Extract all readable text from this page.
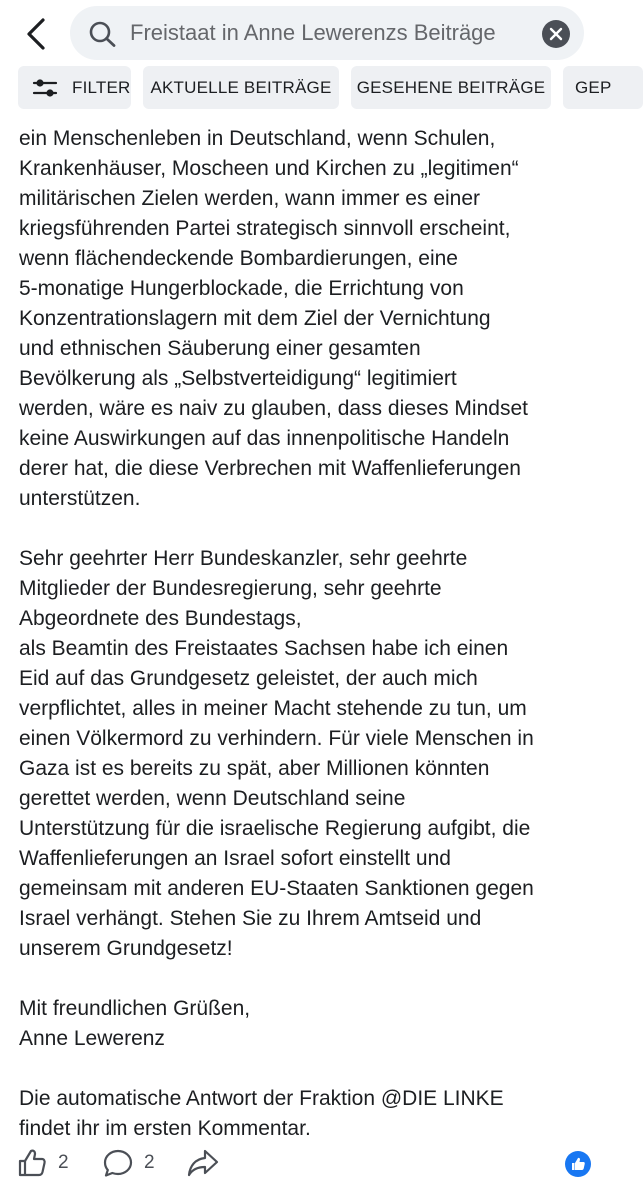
Freistaat in Anne Lewerenzs Beiträge
FILTER AKTUELLE BEITRÄGE GESEHENE BEITRÄGE GEP

ein Menschenleben in Deutschland, wenn Schulen,
Krankenhäuser, Moscheen und Kirchen zu „legitimen“
militärischen Zielen werden, wann immer es einer
kriegsführenden Partei strategisch sinnvoll erscheint,
wenn flächendeckende Bombardierungen, eine
5-monatige Hungerblockade, die Errichtung von
Konzentrationslagern mit dem Ziel der Vernichtung
und ethnischen Säuberung einer gesamten
Bevölkerung als „Selbstverteidigung“ legitimiert
werden, wäre es naiv zu glauben, dass dieses Mindset
keine Auswirkungen auf das innenpolitische Handeln
derer hat, die diese Verbrechen mit Waffenlieferungen
unterstützen.

Sehr geehrter Herr Bundeskanzler, sehr geehrte
Mitglieder der Bundesregierung, sehr geehrte
Abgeordnete des Bundestags,
als Beamtin des Freistaates Sachsen habe ich einen
Eid auf das Grundgesetz geleistet, der auch mich
verpflichtet, alles in meiner Macht stehende zu tun, um
einen Völkermord zu verhindern. Für viele Menschen in
Gaza ist es bereits zu spät, aber Millionen könnten
gerettet werden, wenn Deutschland seine
Unterstützung für die israelische Regierung aufgibt, die
Waffenlieferungen an Israel sofort einstellt und
gemeinsam mit anderen EU-Staaten Sanktionen gegen
Israel verhängt. Stehen Sie zu Ihrem Amtseid und
unserem Grundgesetz!

Mit freundlichen Grüßen,
Anne Lewerenz

Die automatische Antwort der Fraktion @DIE LINKE
findet ihr im ersten Kommentar.

2	2
